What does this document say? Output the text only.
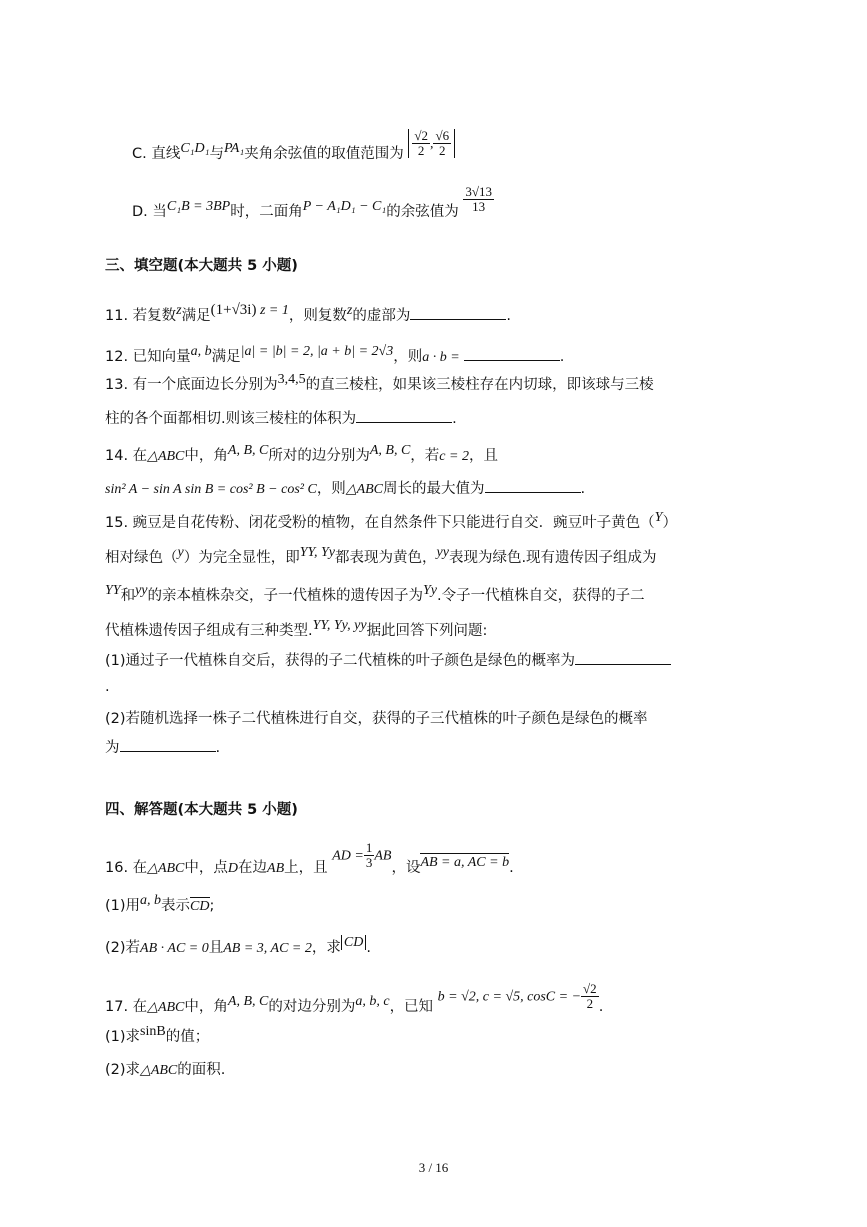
C. 直线$^{C_1D_1}$与$^{PA_1}$夹角余弦值的取值范围为 $\frac{√2}{2}$ , $\frac{√6}{2}$
D. 当$^{C_1B = 3BP}$时，二面角$^{P - A_1D_1 - C_1}$的余弦值为 $\frac{3√13}{13}$
三、填空题(本大题共 5 小题)
11. 若复数$^z$满足$^{(1+√3i)}$ $^{z = 1}$，则复数$^z$的虚部为	.
12. 已知向量$^{a, b}$满足$^{|a| = |b| = 2, |a + b| = 2√3}$，则a · b =	.
13. 有一个底面边长分别为$^{3,4,5}$的直三棱柱，如果该三棱柱存在内切球，即该球与三棱
柱的各个面都相切.则该三棱柱的体积为	.
14. 在△ABC中，角$^{A, B, C}$所对的边分别为$^{A, B, C}$，若c = 2，且
sin² A − sin A sin B = cos² B − cos² C，则△ABC周长的最大值为	.
15. 豌豆是自花传粉、闭花受粉的植物，在自然条件下只能进行自交．豌豆叶子黄色（$^Y$）
相对绿色（$^y$）为完全显性，即$^{YY, Yy}$都表现为黄色，$^{yy}$表现为绿色.现有遗传因子组成为
$^{YY}$和$^{yy}$的亲本植株杂交，子一代植株的遗传因子为$^{Yy}$.令子一代植株自交，获得的子二
代植株遗传因子组成有三种类型.$^{YY, Yy, yy}$据此回答下列问题:
(1)通过子一代植株自交后，获得的子二代植株的叶子颜色是绿色的概率为
.
(2)若随机选择一株子二代植株进行自交，获得的子三代植株的叶子颜色是绿色的概率
为	.
四、解答题(本大题共 5 小题)
16. 在△ABC中，点D在边AB上，且 AD = $\frac{1}{3}$ AB，设$^{AB = a, AC = b}$.
(1)用$^{a, b}$表示CD;
(2)若AB · AC = 0且AB = 3, AC = 2，求 $^{CD}$ .
17. 在△ABC中，角$^{A, B, C}$的对边分别为$^{a, b, c}$，已知 b = √2, c = √5, cosC = − $\frac{√2}{2}$ .
(1)求$^{sinB}$的值；
(2)求△ABC的面积.
3 / 16
